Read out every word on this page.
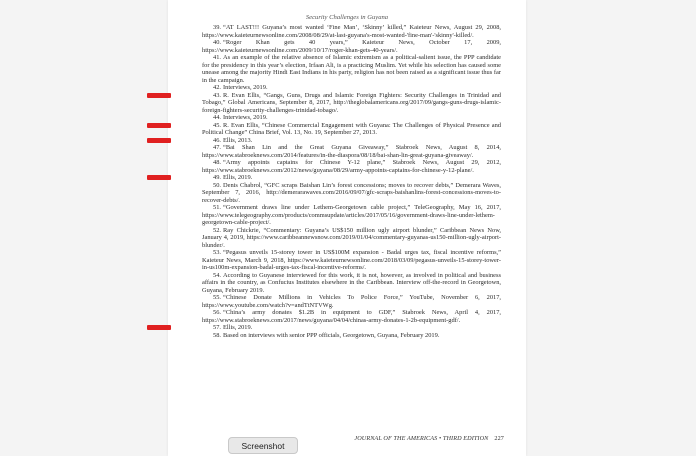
Security Challenges in Guyana

39. “AT LAST!!! Guyana’s most wanted ‘Fine Man’, ‘Skinny’ killed,” Kaieteur News, August 29, 2008, https://www.kaieteurnewsonline.com/2008/08/29/at-last-guyana's-most-wanted-'fine-man'-'skinny'-killed/.

40. “Roger Khan gets 40 years,” Kaieteur News, October 17, 2009, https://www.kaieteurnewsonline.com/2009/10/17/roger-khan-gets-40-years/.

41. As an example of the relative absence of Islamic extremism as a political-salient issue, the PPP candidate for the presidency in this year’s election, Irfaan Ali, is a practicing Muslim. Yet while his selection has caused some unease among the majority Hindi East Indians in his party, religion has not been raised as a significant issue thus far in the campaign.

42. Interviews, 2019.

43. R. Evan Ellis, “Gangs, Guns, Drugs and Islamic Foreign Fighters: Security Challenges in Trinidad and Tobago,” Global Americans, September 8, 2017, http://theglobalamericans.org/2017/09/gangs-guns-drugs-islamic-foreign-fighters-security-challenges-trinidad-tobago/.

44. Interviews, 2019.

45. R. Evan Ellis, “Chinese Commercial Engagement with Guyana: The Challenges of Physical Presence and Political Change” China Brief, Vol. 13, No. 19, September 27, 2013.

46. Ellis, 2013.

47. “Bai Shan Lin and the Great Guyana Giveaway,” Stabroek News, August 8, 2014, https://www.stabroeknews.com/2014/features/in-the-diaspora/08/18/bai-shan-lin-great-guyana-giveaway/.

48. “Army appoints captains for Chinese Y-12 plane,” Stabroek News, August 29, 2012, https://www.stabroeknews.com/2012/news/guyana/08/29/army-appoints-captains-for-chinese-y-12-plane/.

49. Ellis, 2019.

50. Denis Chabrol, “GFC scraps Baishan Lin’s forest concessions; moves to recover debts,” Demerara Waves, September 7, 2016, http://demerarawaves.com/2016/09/07/gfc-scraps-baishanlins-forest-concessions-moves-to-recover-debts/.

51. “Government draws line under Lethem-Georgetown cable project,” TeleGeography, May 16, 2017, https://www.telegeography.com/products/commsupdate/articles/2017/05/16/government-draws-line-under-lethem-georgetown-cable-project/.

52. Ray Chickrie, “Commentary: Guyana’s US$150 million ugly airport blunder,” Caribbean News Now, January 4, 2019, https://www.caribbeannewsnow.com/2019/01/04/commentary-guyanas-us150-million-ugly-airport-blunder/.

53. “Pegasus unveils 15-storey tower in US$100M expansion - Badal urges tax, fiscal incentive reforms,” Kaieteur News, March 9, 2018, https://www.kaieteurnewsonline.com/2018/03/09/pegasus-unveils-15-storey-tower-in-us100m-expansion-badal-urges-tax-fiscal-incentive-reforms/.

54. According to Guyanese interviewed for this work, it is not, however, as involved in political and business affairs in the country, as Confucius Institutes elsewhere in the Caribbean. Interview off-the-record in Georgetown, Guyana, February 2019.

55. “Chinese Donate Millions in Vehicles To Police Force,” YouTube, November 6, 2017, https://www.youtube.com/watch?v=andTtNTVWg.

56. “China’s army donates $1.2B in equipment to GDF,” Stabroek News, April 4, 2017, https://www.stabroeknews.com/2017/news/guyana/04/04/chinas-army-donates-1-2b-equipment-gdf/.

57. Ellis, 2019.

58. Based on interviews with senior PPP officials, Georgetown, Guyana, February 2019.

JOURNAL OF THE AMERICAS • THIRD EDITION 227
Screenshot
